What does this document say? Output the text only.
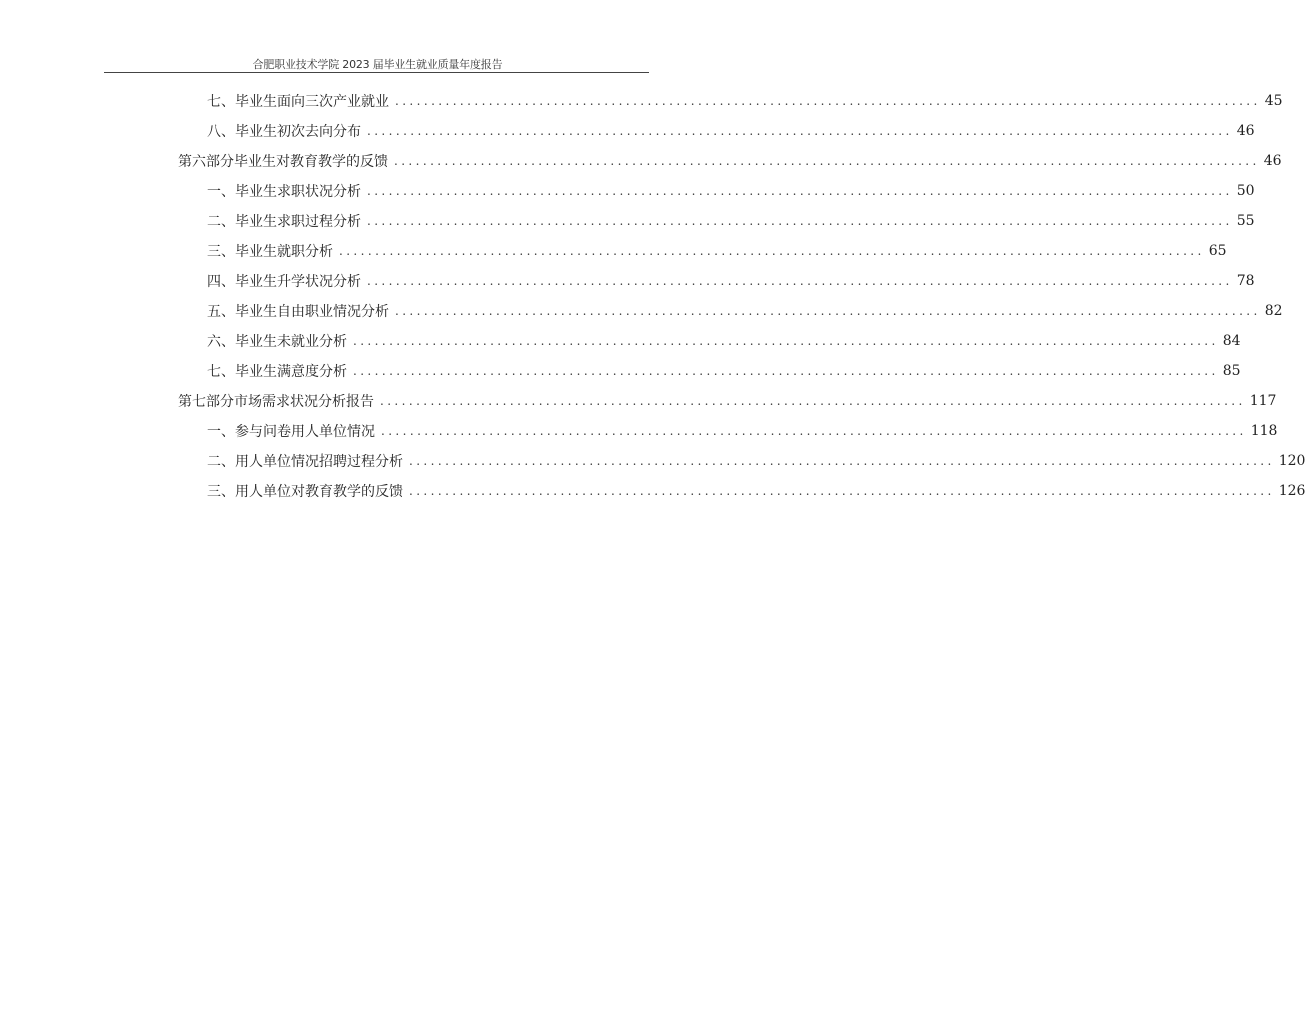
合肥职业技术学院 2023 届毕业生就业质量年度报告
七、 毕业生面向三次产业就业 ........................................................................................................................ 45
八、 毕业生初次去向分布 ........................................................................................................................ 46
第六部分 毕业生对教育教学的反馈 ........................................................................................................................ 46
一、 毕业生求职状况分析 ........................................................................................................................ 50
二、 毕业生求职过程分析 ........................................................................................................................ 55
三、 毕业生就职分析 ........................................................................................................................ 65
四、 毕业生升学状况分析 ........................................................................................................................ 78
五、 毕业生自由职业情况分析 ........................................................................................................................ 82
六、 毕业生未就业分析 ........................................................................................................................ 84
七、 毕业生满意度分析 ........................................................................................................................ 85
第七部分 市场需求状况分析报告 ........................................................................................................................ 117
一、 参与问卷用人单位情况 ........................................................................................................................ 118
二、 用人单位情况招聘过程分析 ........................................................................................................................ 120
三、 用人单位对教育教学的反馈 ........................................................................................................................ 126
